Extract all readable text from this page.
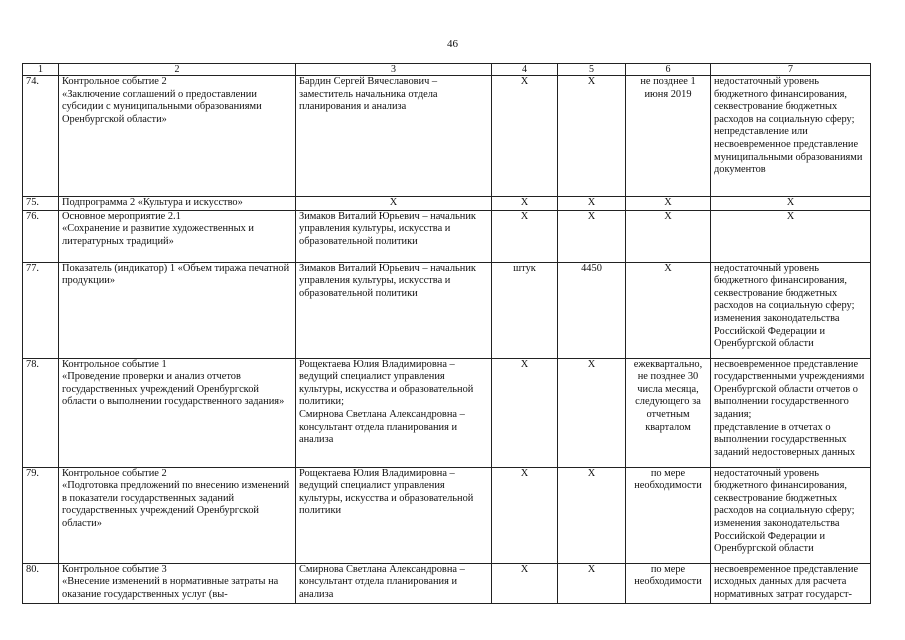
46
1	2	3	4	5	6	7
74.	Контрольное событие 2
«Заключение соглашений о предоставлении субсидии с муниципальными образованиями Оренбургской области»	Бардин Сергей Вячеславович – заместитель начальника отдела планирования и анализа	X	X	не позднее 1 июня 2019	недостаточный уровень бюджетного финансирования, секвестрование бюджетных расходов на социальную сферу;
непредставление или несвоевременное представление муниципальными образованиями документов
75.	Подпрограмма 2 «Культура и искусство»	X	X	X	X	X
76.	Основное мероприятие 2.1
«Сохранение и развитие художественных и литературных традиций»	Зимаков Виталий Юрьевич – начальник управления культуры, искусства и образовательной политики	X	X	X	X
77.	Показатель (индикатор) 1 «Объем тиража печатной продукции»	Зимаков Виталий Юрьевич – начальник управления культуры, искусства и образовательной политики	штук	4450	X	недостаточный уровень бюджетного финансирования, секвестрование бюджетных расходов на социальную сферу; изменения законодательства Российской Федерации и Оренбургской области
78.	Контрольное событие 1
«Проведение проверки и анализ отчетов государственных учреждений Оренбургской области о выполнении государственного задания»	Рощектаева Юлия Владимировна – ведущий специалист управления культуры, искусства и образовательной политики;
Смирнова Светлана Александровна – консультант отдела планирования и анализа	X	X	ежеквартально, не позднее 30 числа месяца, следующего за отчетным кварталом	несвоевременное представление государственными учреждениями Оренбургской области отчетов о выполнении государственного задания;
представление в отчетах о выполнении государственных заданий недостоверных данных
79.	Контрольное событие 2
«Подготовка предложений по внесению изменений в показатели государственных заданий государственных учреждений Оренбургской области»	Рощектаева Юлия Владимировна – ведущий специалист управления культуры, искусства и образовательной политики	X	X	по мере необходимости	недостаточный уровень бюджетного финансирования, секвестрование бюджетных расходов на социальную сферу;
изменения законодательства Российской Федерации и Оренбургской области
80.	Контрольное событие 3
«Внесение изменений в нормативные затраты на оказание государственных услуг (вы-	Смирнова Светлана Александровна – консультант отдела планирования и анализа	X	X	по мере необходимости	несвоевременное представление исходных данных для расчета нормативных затрат государст-
